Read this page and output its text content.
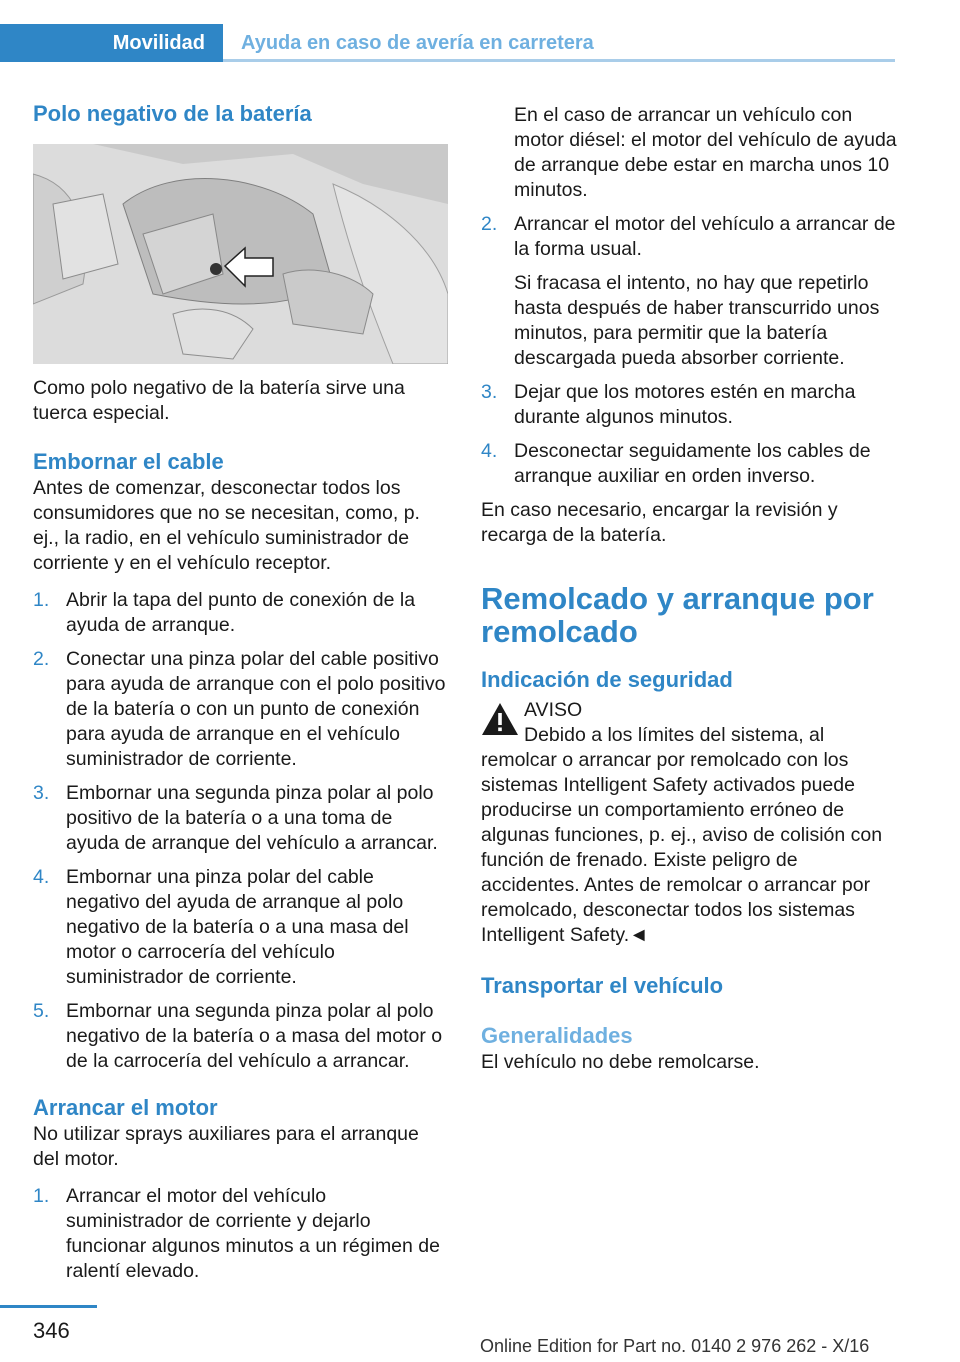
Movilidad	Ayuda en caso de avería en carretera
Polo negativo de la batería

Como polo negativo de la batería sirve una tuerca especial.

Embornar el cable

Antes de comenzar, desconectar todos los consumidores que no se necesitan, como, p. ej., la radio, en el vehículo suministrador de corriente y en el vehículo receptor.

1. Abrir la tapa del punto de conexión de la ayuda de arranque.

2. Conectar una pinza polar del cable positivo para ayuda de arranque con el polo positivo de la batería o con un punto de conexión para ayuda de arranque en el vehículo suministrador de corriente.

3. Embornar una segunda pinza polar al polo positivo de la batería o a una toma de ayuda de arranque del vehículo a arrancar.

4. Embornar una pinza polar del cable negativo del ayuda de arranque al polo negativo de la batería o a una masa del motor o carrocería del vehículo suministrador de corriente.

5. Embornar una segunda pinza polar al polo negativo de la batería o a masa del motor o de la carrocería del vehículo a arrancar.

Arrancar el motor

No utilizar sprays auxiliares para el arranque del motor.

1. Arrancar el motor del vehículo suministrador de corriente y dejarlo funcionar algunos minutos a un régimen de ralentí elevado.

En el caso de arrancar un vehículo con motor diésel: el motor del vehículo de ayuda de arranque debe estar en marcha unos 10 minutos.

2. Arrancar el motor del vehículo a arrancar de la forma usual.

Si fracasa el intento, no hay que repetirlo hasta después de haber transcurrido unos minutos, para permitir que la batería descargada pueda absorber corriente.

3. Dejar que los motores estén en marcha durante algunos minutos.

4. Desconectar seguidamente los cables de arranque auxiliar en orden inverso.

En caso necesario, encargar la revisión y recarga de la batería.

Remolcado y arranque por remolcado
Indicación de seguridad

AVISO

Debido a los límites del sistema, al remolcar o arrancar por remolcado con los sistemas Intelligent Safety activados puede producirse un comportamiento erróneo de algunas funciones, p. ej., aviso de colisión con función de frenado. Existe peligro de accidentes. Antes de remolcar o arrancar por remolcado, desconectar todos los sistemas Intelligent Safety.◄

Transportar el vehículo
Generalidades

El vehículo no debe remolcarse.

346
Online Edition for Part no. 0140 2 976 262 - X/16
